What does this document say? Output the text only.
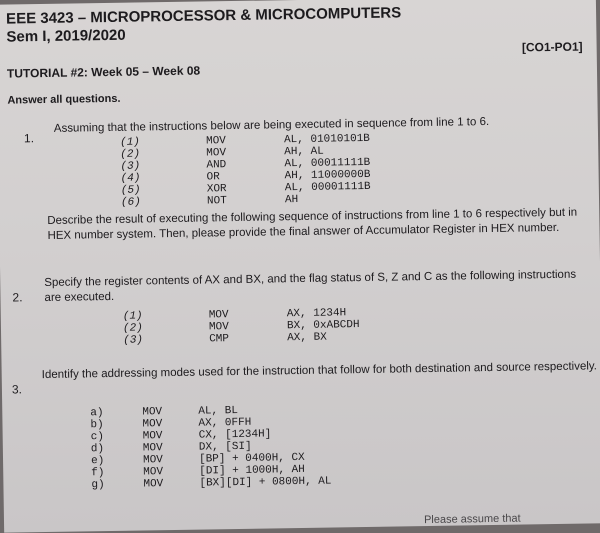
EEE 3423 – MICROPROCESSOR & MICROCOMPUTERS
Sem I, 2019/2020
[CO1-PO1]
TUTORIAL #2: Week 05 – Week 08
Answer all questions.
1.
Assuming that the instructions below are being executed in sequence from line 1 to 6.
(1)	MOV	AL, 01010101B
(2)	MOV	AH, AL
(3)	AND	AL, 00011111B
(4)	OR	AH, 11000000B
(5)	XOR	AL, 00001111B
(6)	NOT	AH
Describe the result of executing the following sequence of instructions from line 1 to 6 respectively but in HEX number system. Then, please provide the final answer of Accumulator Register in HEX number.
2.
Specify the register contents of AX and BX, and the flag status of S, Z and C as the following instructions are executed.
(1)	MOV	AX, 1234H
(2)	MOV	BX, 0xABCDH
(3)	CMP	AX, BX
3.
Identify the addressing modes used for the instruction that follow for both destination and source respectively.
a)	MOV	AL, BL
b)	MOV	AX, 0FFH
c)	MOV	CX, [1234H]
d)	MOV	DX, [SI]
e)	MOV	[BP] + 0400H, CX
f)	MOV	[DI] + 1000H, AH
g)	MOV	[BX][DI] + 0800H, AL
Please assume that
